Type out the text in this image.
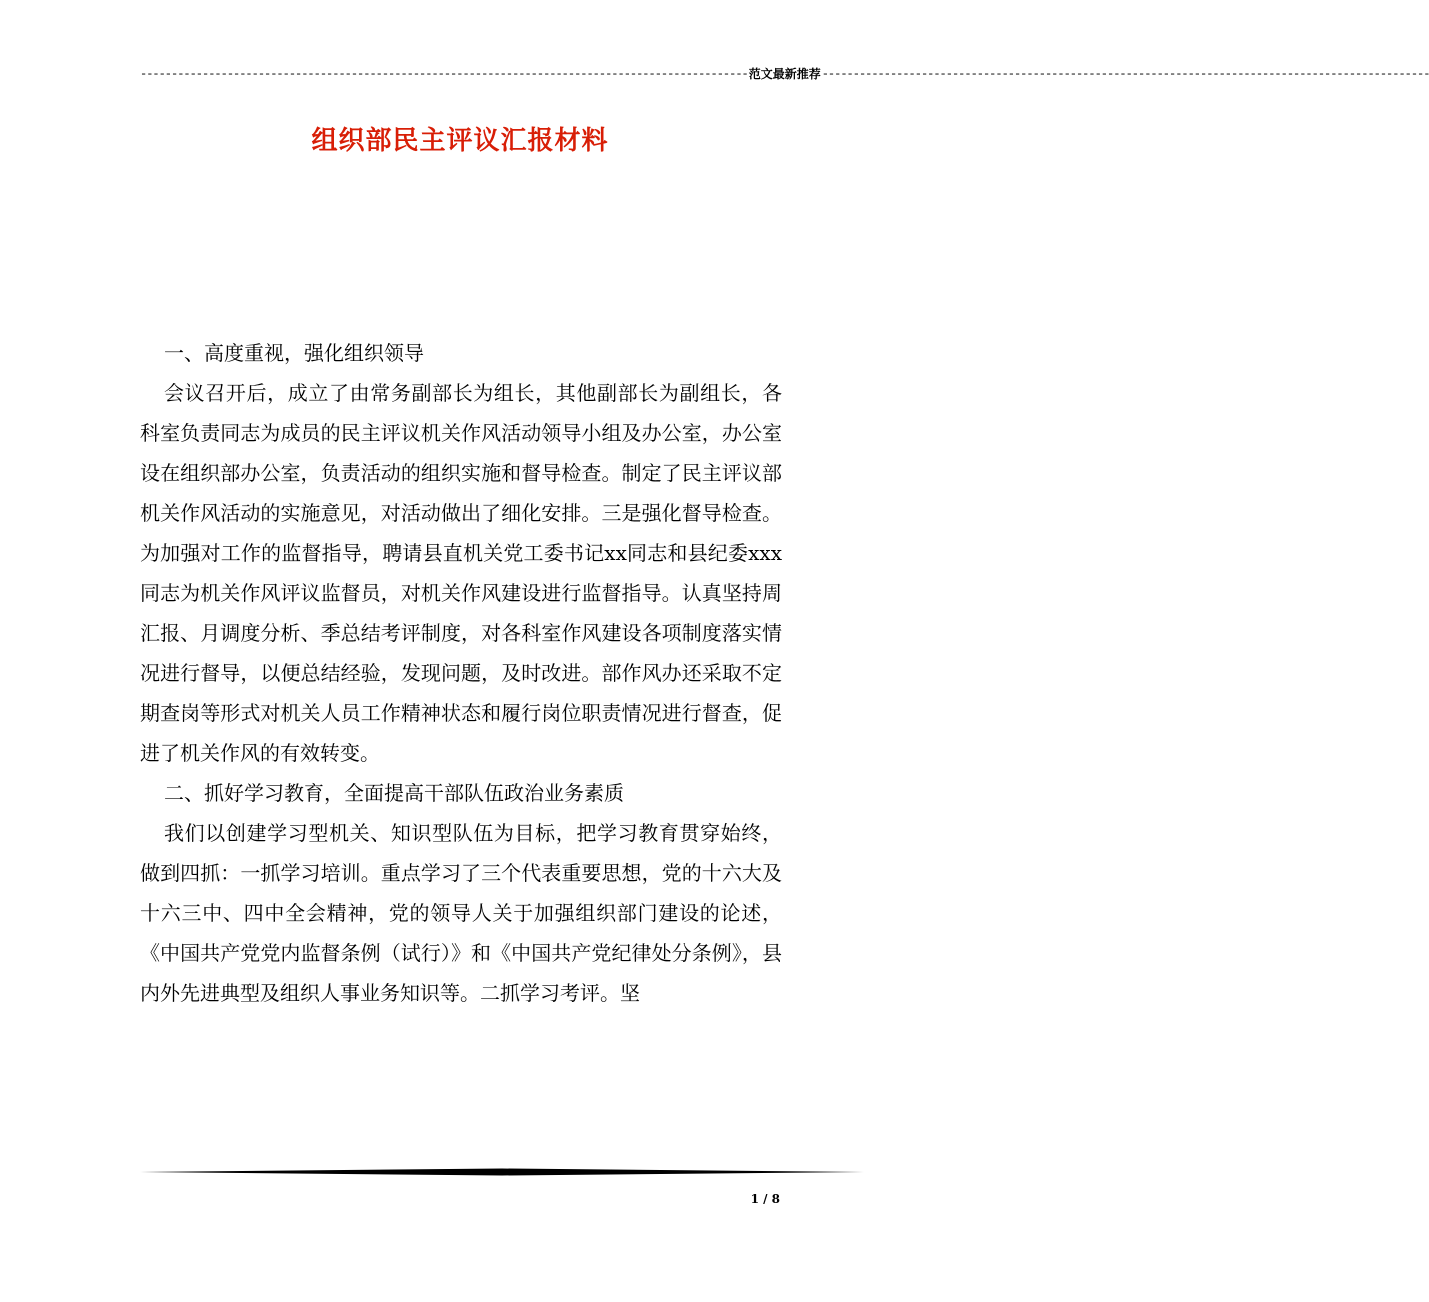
-------------------------------------------------------------------------------------------------- 范文最新推荐 --------------------------------------------------------------------------------------------------
组织部民主评议汇报材料

一、高度重视，强化组织领导

会议召开后，成立了由常务副部长为组长，其他副部长为副组长，各科室负责同志为成员的民主评议机关作风活动领导小组及办公室，办公室设在组织部办公室，负责活动的组织实施和督导检查。制定了民主评议部机关作风活动的实施意见，对活动做出了细化安排。三是强化督导检查。为加强对工作的监督指导，聘请县直机关党工委书记xx同志和县纪委xxx同志为机关作风评议监督员，对机关作风建设进行监督指导。认真坚持周汇报、月调度分析、季总结考评制度，对各科室作风建设各项制度落实情况进行督导，以便总结经验，发现问题，及时改进。部作风办还采取不定期查岗等形式对机关人员工作精神状态和履行岗位职责情况进行督查，促进了机关作风的有效转变。

二、抓好学习教育，全面提高干部队伍政治业务素质

我们以创建学习型机关、知识型队伍为目标，把学习教育贯穿始终，做到四抓：一抓学习培训。重点学习了三个代表重要思想，党的十六大及十六三中、四中全会精神，党的领导人关于加强组织部门建设的论述，《中国共产党党内监督条例（试行）》和《中国共产党纪律处分条例》，县内外先进典型及组织人事业务知识等。二抓学习考评。坚

1 / 8
